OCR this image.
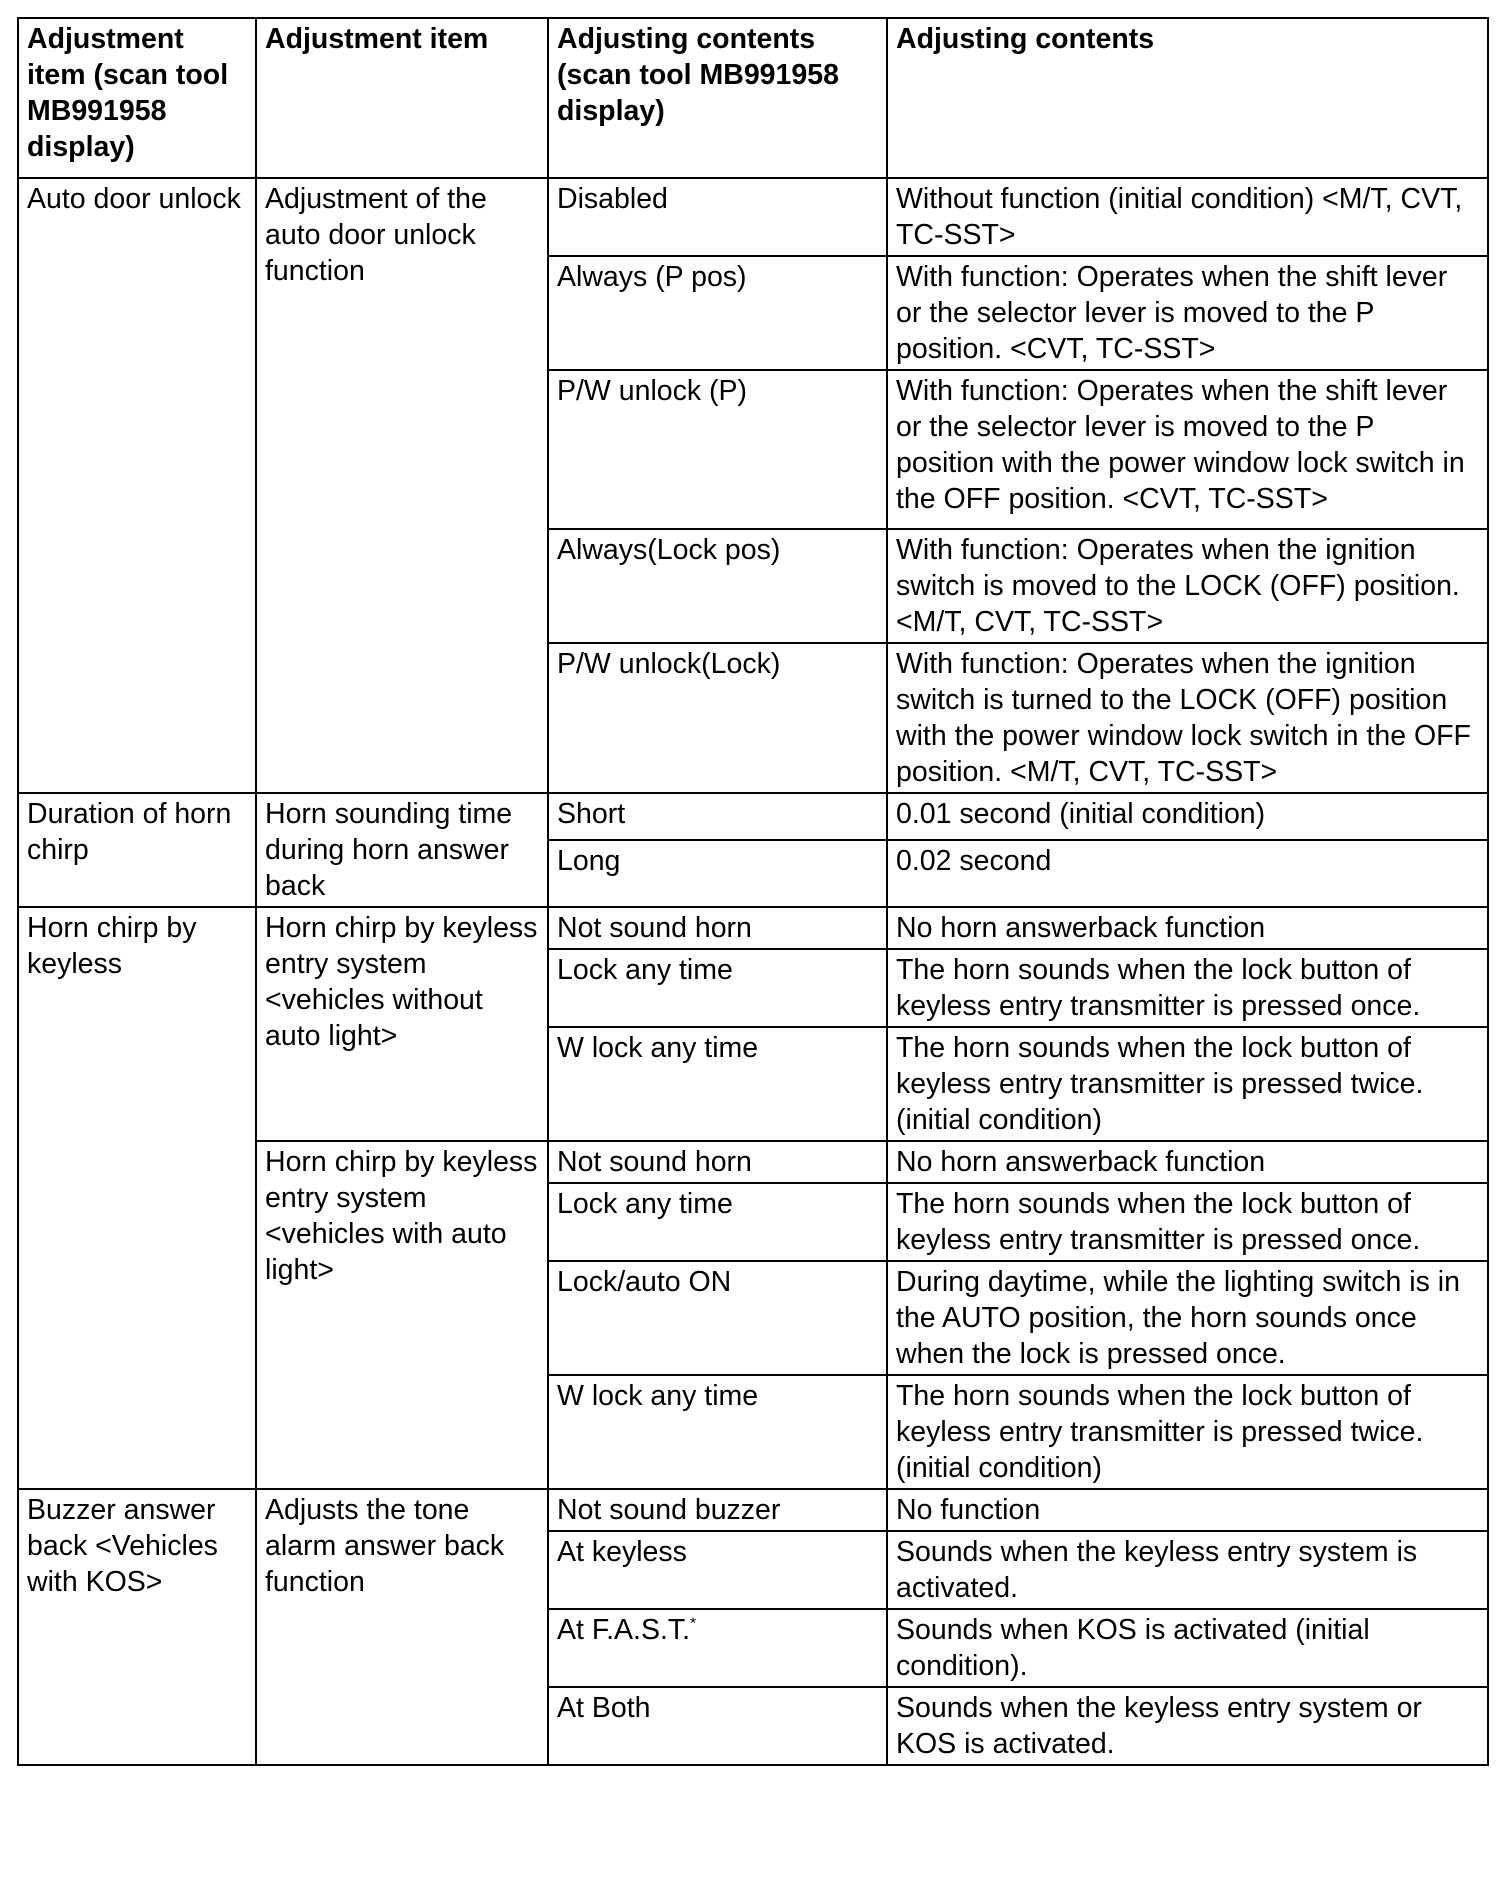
Adjustment item (scan tool MB991958 display)	Adjustment item	Adjusting contents (scan tool MB991958 display)	Adjusting contents
Auto door unlock	Adjustment of the auto door unlock function	Disabled	Without function (initial condition) <M/T, CVT, TC-SST>
		Always (P pos)	With function: Operates when the shift lever or the selector lever is moved to the P position. <CVT, TC-SST>
		P/W unlock (P)	With function: Operates when the shift lever or the selector lever is moved to the P position with the power window lock switch in the OFF position. <CVT, TC-SST>
		Always(Lock pos)	With function: Operates when the ignition switch is moved to the LOCK (OFF) position. <M/T, CVT, TC-SST>
		P/W unlock(Lock)	With function: Operates when the ignition switch is turned to the LOCK (OFF) position with the power window lock switch in the OFF position. <M/T, CVT, TC-SST>
Duration of horn chirp	Horn sounding time during horn answer back	Short	0.01 second (initial condition)
		Long	0.02 second
Horn chirp by keyless	Horn chirp by keyless entry system <vehicles without auto light>	Not sound horn	No horn answerback function
		Lock any time	The horn sounds when the lock button of keyless entry transmitter is pressed once.
		W lock any time	The horn sounds when the lock button of keyless entry transmitter is pressed twice. (initial condition)
	Horn chirp by keyless entry system <vehicles with auto light>	Not sound horn	No horn answerback function
		Lock any time	The horn sounds when the lock button of keyless entry transmitter is pressed once.
		Lock/auto ON	During daytime, while the lighting switch is in the AUTO position, the horn sounds once when the lock is pressed once.
		W lock any time	The horn sounds when the lock button of keyless entry transmitter is pressed twice. (initial condition)
Buzzer answer back <Vehicles with KOS>	Adjusts the tone alarm answer back function	Not sound buzzer	No function
		At keyless	Sounds when the keyless entry system is activated.
		At F.A.S.T.*	Sounds when KOS is activated (initial condition).
		At Both	Sounds when the keyless entry system or KOS is activated.
